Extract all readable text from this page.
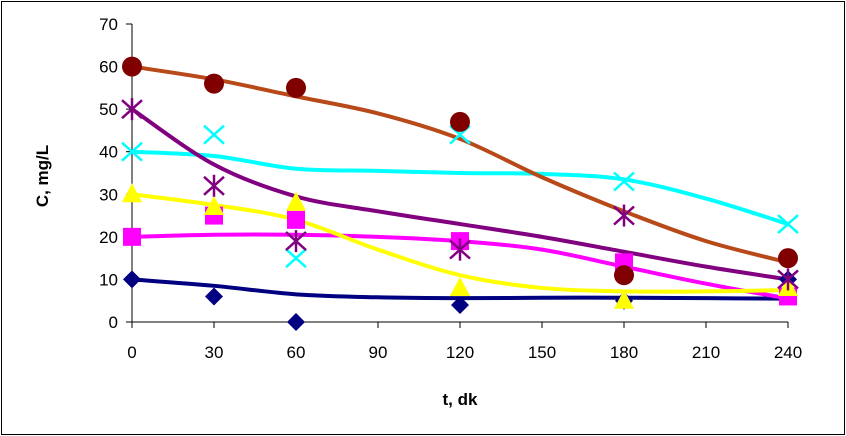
0
10
20
30
40
50
60
70
0	30	60	90	120	150	180	210	240
t, dk
C, mg/L
